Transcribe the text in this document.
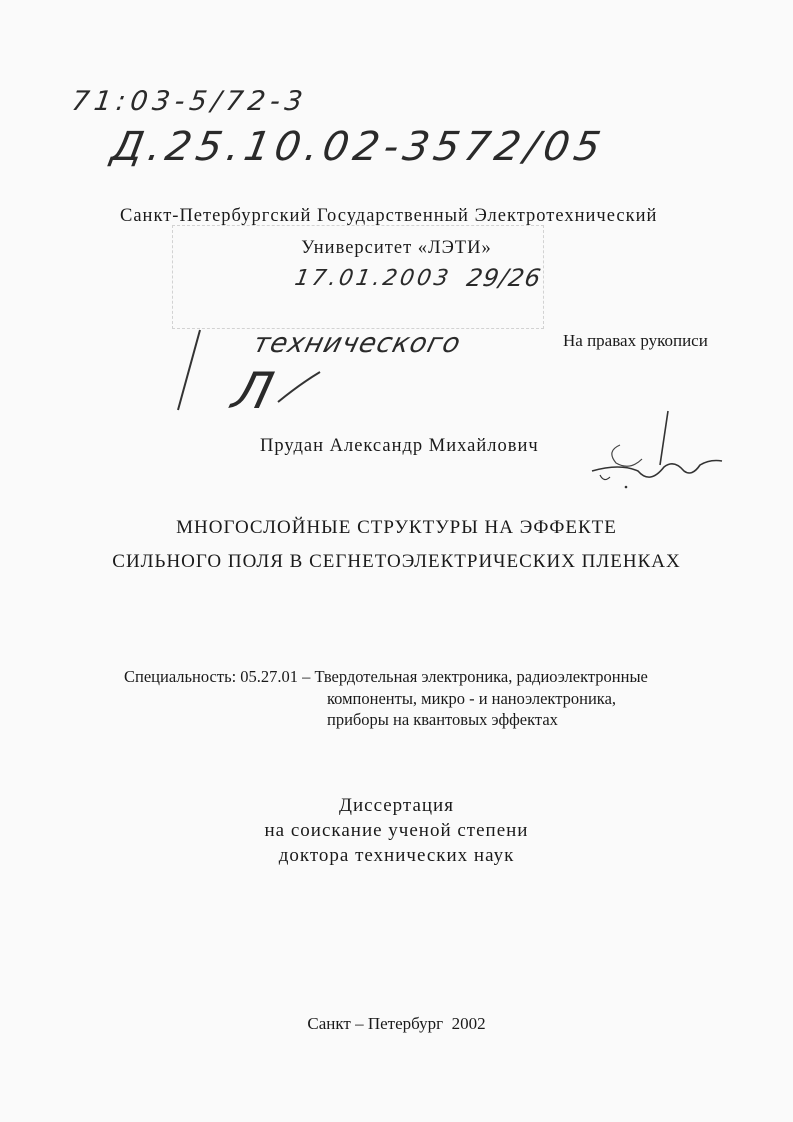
71:03-5/72-3
Д.25.10.02-3572/05
Санкт-Петербургский Государственный Электротехнический
Университет «ЛЭТИ»
17.01.2003 29/26
технического
Л
На правах рукописи
Прудан Александр Михайлович
МНОГОСЛОЙНЫЕ СТРУКТУРЫ НА ЭФФЕКТЕ
СИЛЬНОГО ПОЛЯ В СЕГНЕТОЭЛЕКТРИЧЕСКИХ ПЛЕНКАХ
Специальность: 05.27.01 – Твердотельная электроника, радиоэлектронные
компоненты, микро - и наноэлектроника,
приборы на квантовых эффектах
Диссертация
на соискание ученой степени
доктора технических наук
Санкт – Петербург  2002
